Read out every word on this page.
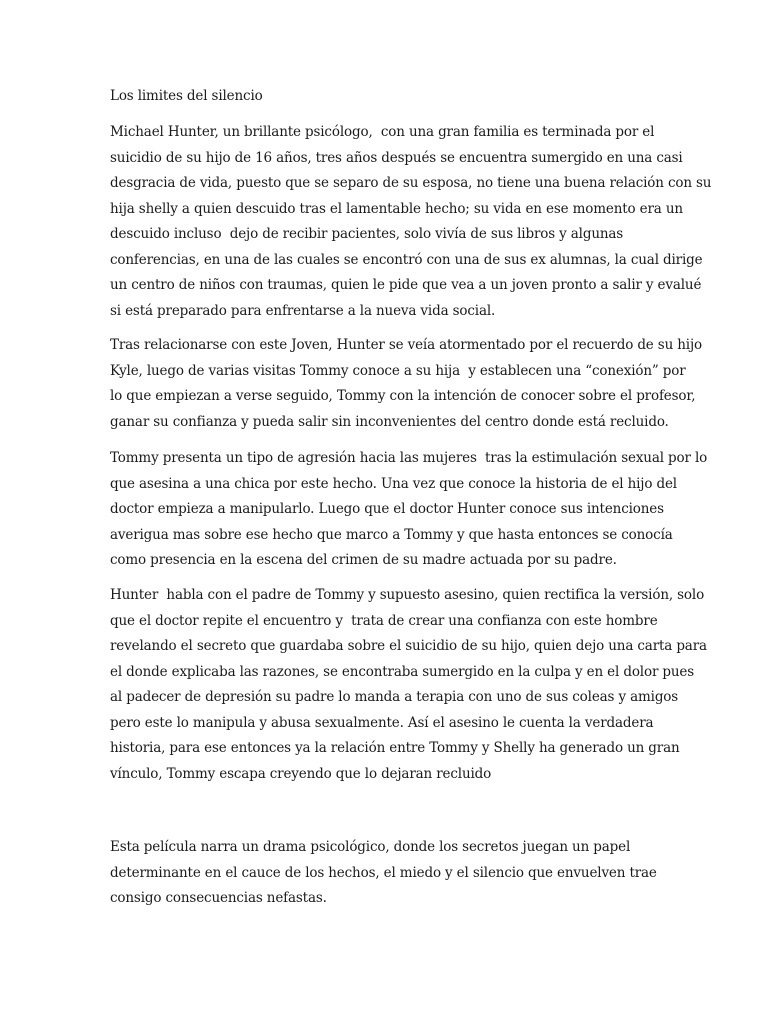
Los limites del silencio

Michael Hunter, un brillante psicólogo,  con una gran familia es terminada por el
suicidio de su hijo de 16 años, tres años después se encuentra sumergido en una casi
desgracia de vida, puesto que se separo de su esposa, no tiene una buena relación con su
hija shelly a quien descuido tras el lamentable hecho; su vida en ese momento era un
descuido incluso  dejo de recibir pacientes, solo vivía de sus libros y algunas
conferencias, en una de las cuales se encontró con una de sus ex alumnas, la cual dirige
un centro de niños con traumas, quien le pide que vea a un joven pronto a salir y evalué
si está preparado para enfrentarse a la nueva vida social.

Tras relacionarse con este Joven, Hunter se veía atormentado por el recuerdo de su hijo
Kyle, luego de varias visitas Tommy conoce a su hija  y establecen una “conexión” por
lo que empiezan a verse seguido, Tommy con la intención de conocer sobre el profesor,
ganar su confianza y pueda salir sin inconvenientes del centro donde está recluido.

Tommy presenta un tipo de agresión hacia las mujeres  tras la estimulación sexual por lo
que asesina a una chica por este hecho. Una vez que conoce la historia de el hijo del
doctor empieza a manipularlo. Luego que el doctor Hunter conoce sus intenciones
averigua mas sobre ese hecho que marco a Tommy y que hasta entonces se conocía
como presencia en la escena del crimen de su madre actuada por su padre.

Hunter  habla con el padre de Tommy y supuesto asesino, quien rectifica la versión, solo
que el doctor repite el encuentro y  trata de crear una confianza con este hombre
revelando el secreto que guardaba sobre el suicidio de su hijo, quien dejo una carta para
el donde explicaba las razones, se encontraba sumergido en la culpa y en el dolor pues
al padecer de depresión su padre lo manda a terapia con uno de sus coleas y amigos
pero este lo manipula y abusa sexualmente. Así el asesino le cuenta la verdadera
historia, para ese entonces ya la relación entre Tommy y Shelly ha generado un gran
vínculo, Tommy escapa creyendo que lo dejaran recluido

Esta película narra un drama psicológico, donde los secretos juegan un papel
determinante en el cauce de los hechos, el miedo y el silencio que envuelven trae
consigo consecuencias nefastas.
